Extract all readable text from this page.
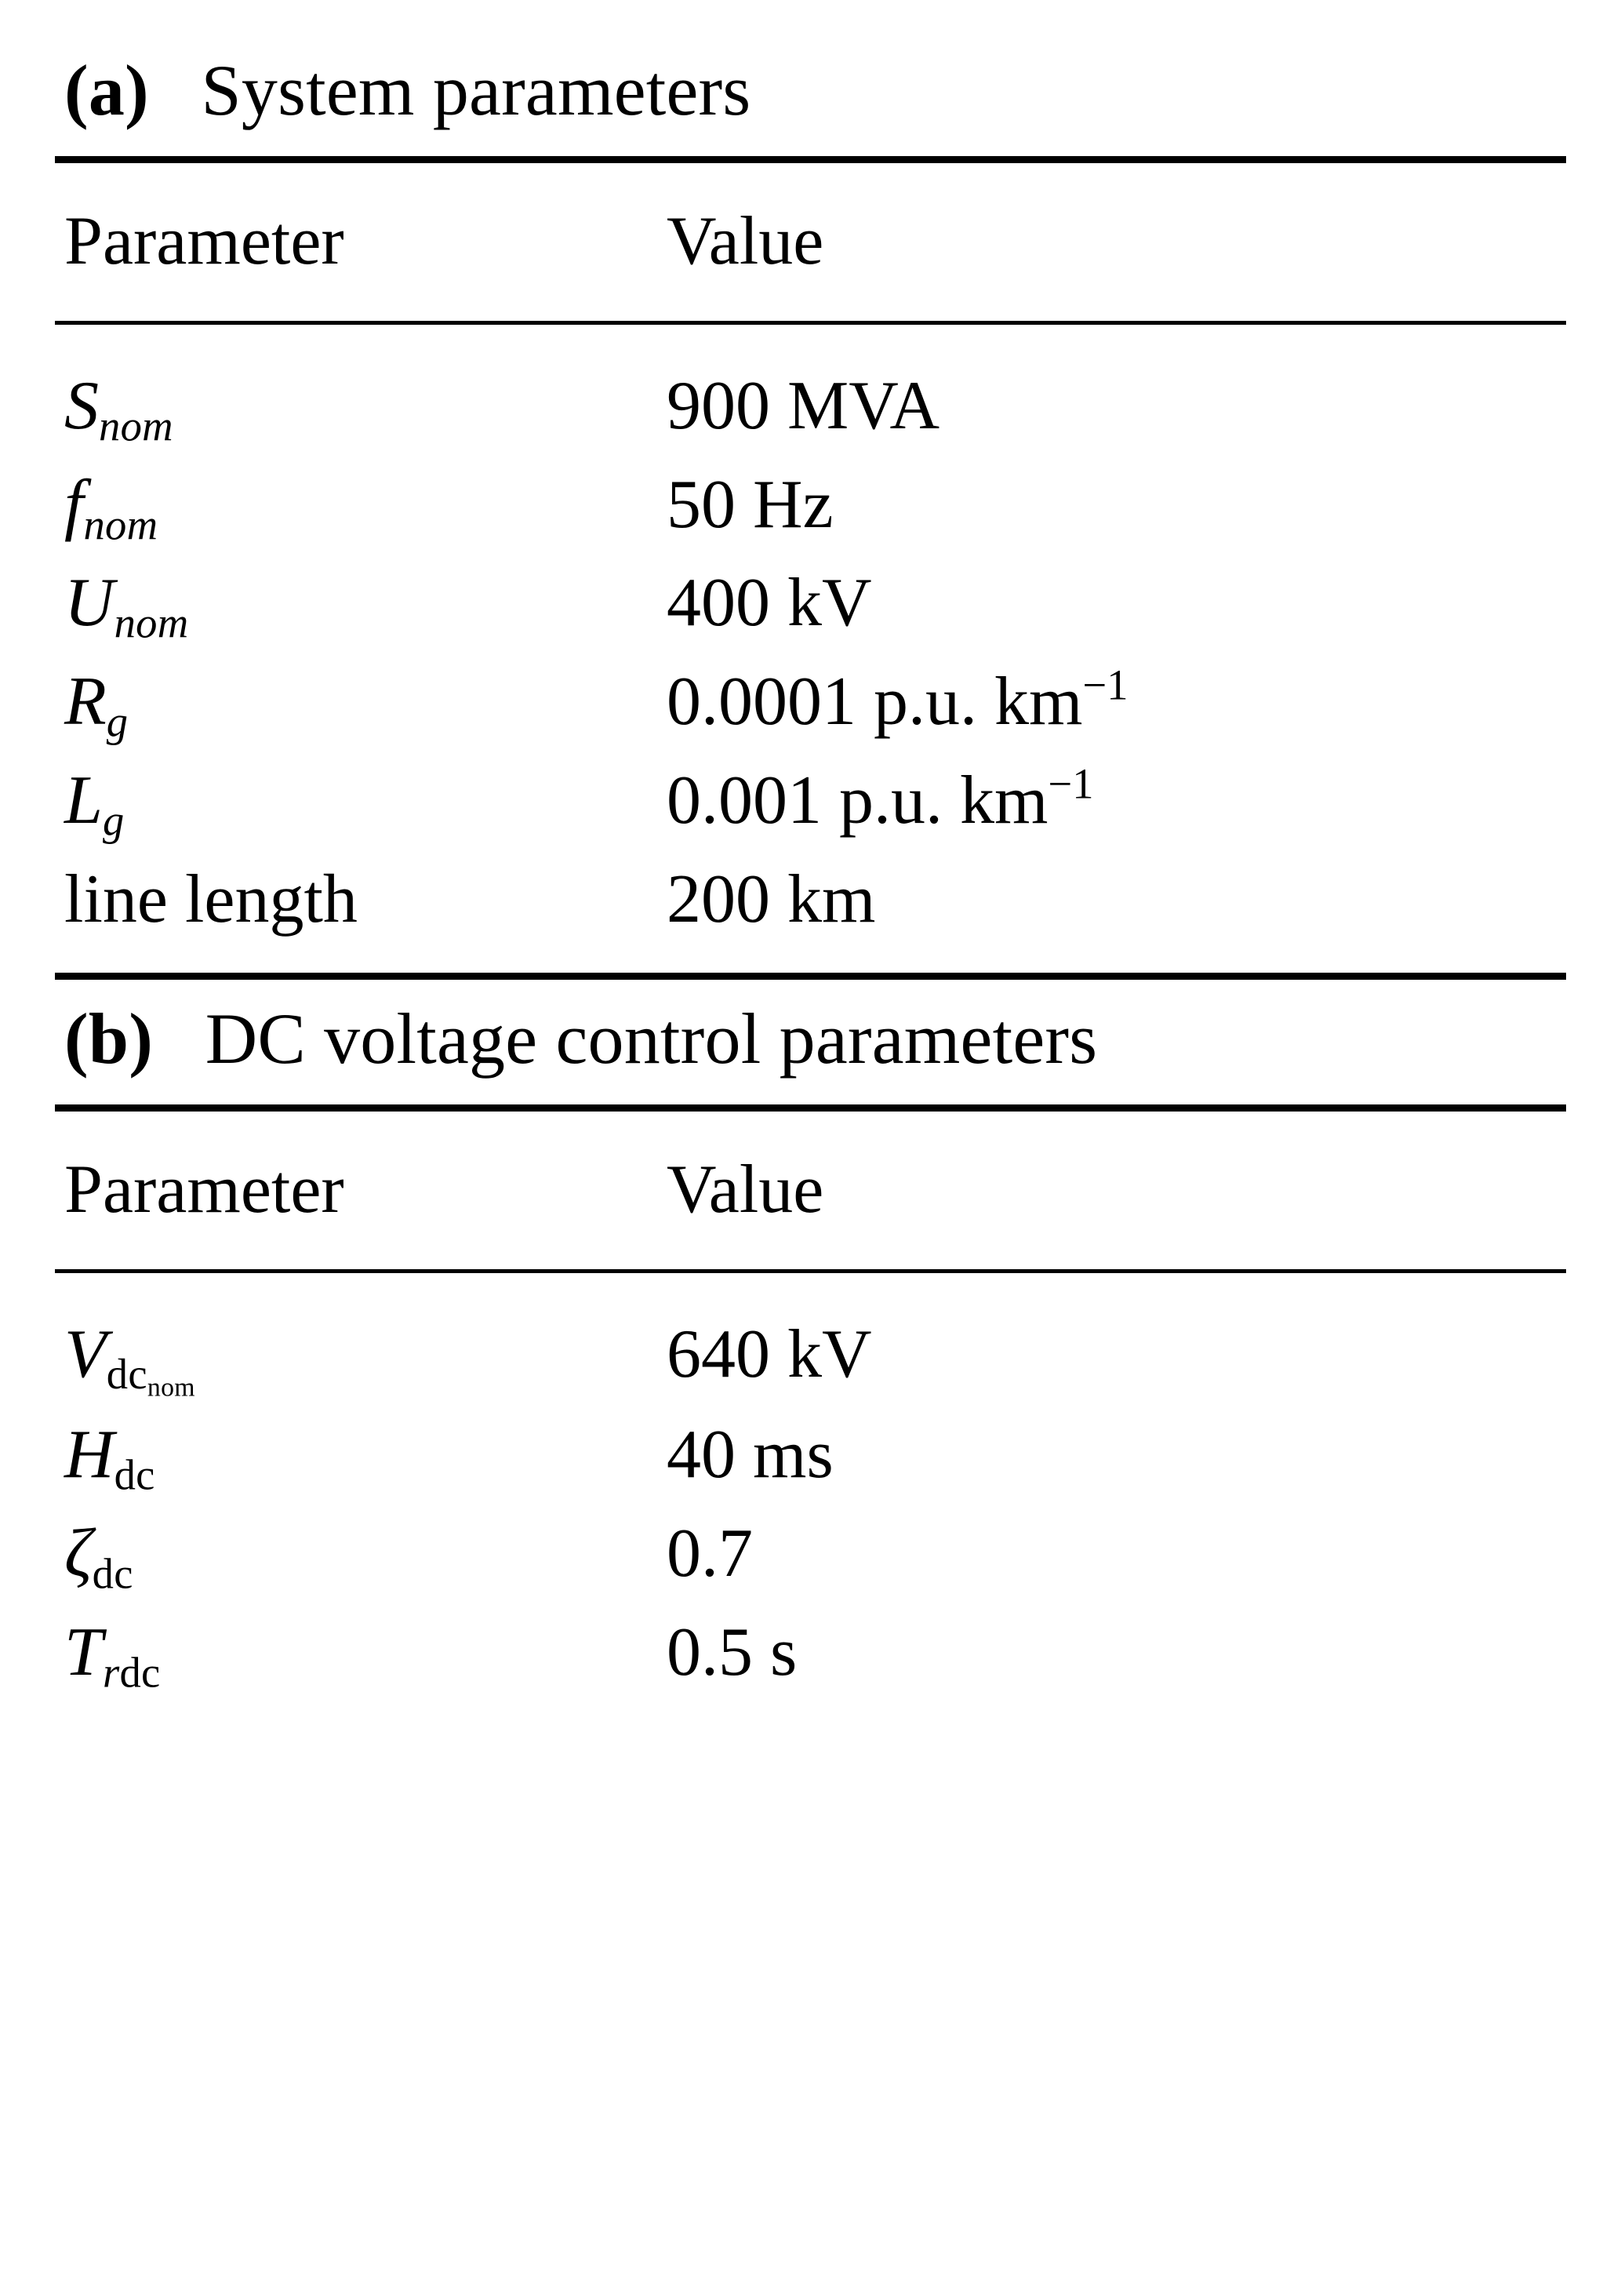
(a) System parameters
Parameter	Value
$S_{nom}$	900 MVA
$f_{nom}$	50 Hz
$U_{nom}$	400 kV
$R_g$	0.0001 p.u. $km^{-1}$
$L_g$	0.001 p.u. $km^{-1}$
line length	200 km
(b) DC voltage control parameters
Parameter	Value
$V_{dc_{nom}}$	640 kV
$H_{dc}$	40 ms
$\zeta_{dc}$	0.7
$T_{rdc}$	0.5 s
